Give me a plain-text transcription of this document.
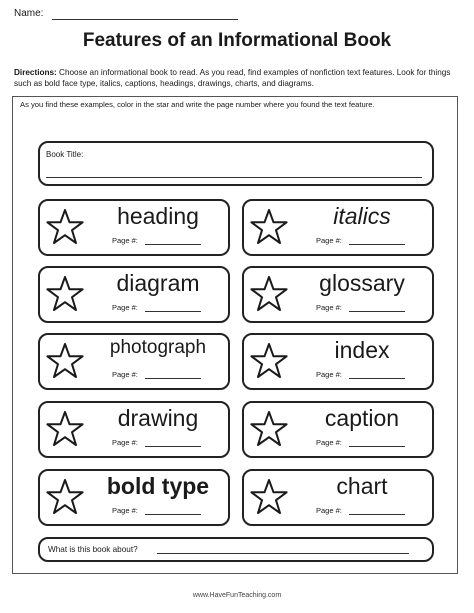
Name:
Features of an Informational Book
Directions: Choose an informational book to read. As you read, find examples of nonfiction text features. Look for things such as bold face type, italics, captions, headings, drawings, charts, and diagrams.
As you find these examples, color in the star and write the page number where you found the text feature.
Book Title:
heading
Page #:
italics
Page #:
diagram
Page #:
glossary
Page #:
photograph
Page #:
index
Page #:
drawing
Page #:
caption
Page #:
bold type
Page #:
chart
Page #:
What is this book about?
www.HaveFunTeaching.com
